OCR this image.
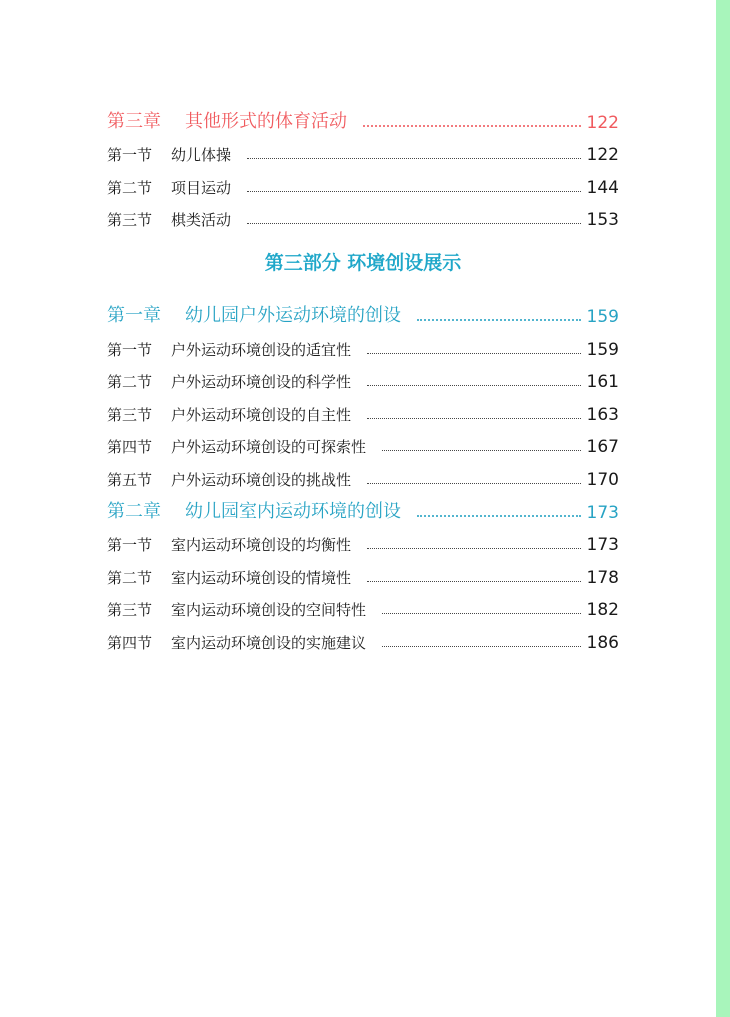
第三章	其他形式的体育活动	122
第一节	幼儿体操	122
第二节	项目运动	144
第三节	棋类活动	153
第三部分 环境创设展示
第一章	幼儿园户外运动环境的创设	159
第一节	户外运动环境创设的适宜性	159
第二节	户外运动环境创设的科学性	161
第三节	户外运动环境创设的自主性	163
第四节	户外运动环境创设的可探索性	167
第五节	户外运动环境创设的挑战性	170
第二章	幼儿园室内运动环境的创设	173
第一节	室内运动环境创设的均衡性	173
第二节	室内运动环境创设的情境性	178
第三节	室内运动环境创设的空间特性	182
第四节	室内运动环境创设的实施建议	186
